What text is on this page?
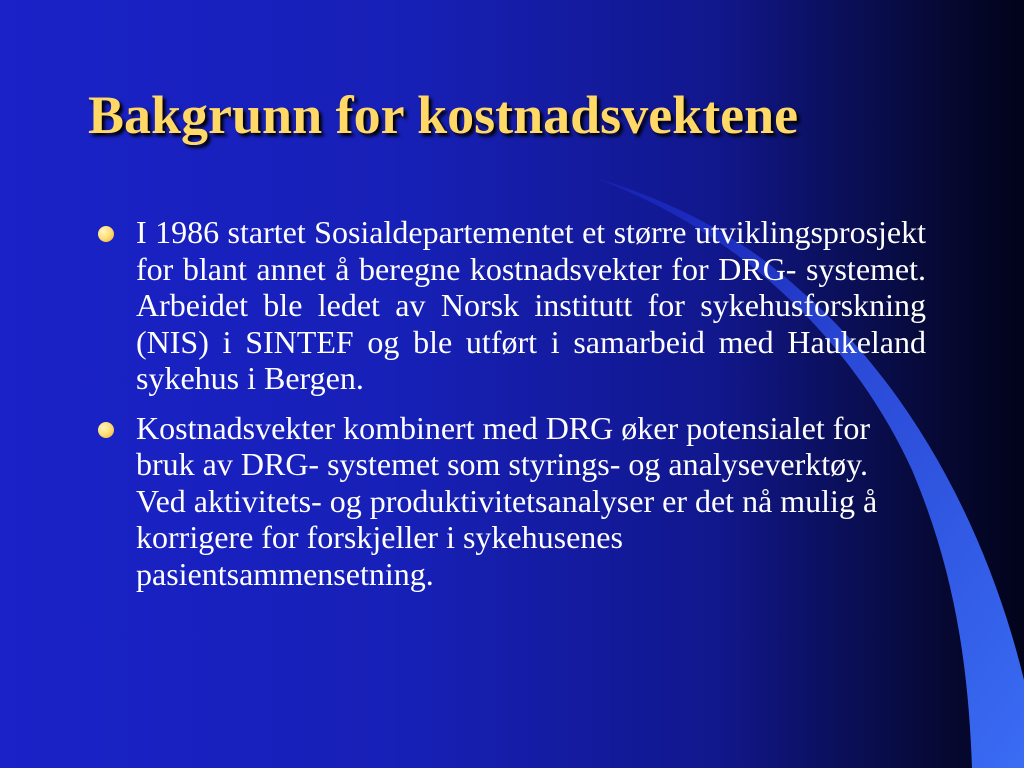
Bakgrunn for kostnadsvektene
I 1986 startet Sosialdepartementet et større utviklingsprosjekt for blant annet å beregne kostnadsvekter for DRG- systemet. Arbeidet ble ledet av Norsk institutt for sykehusforskning (NIS) i SINTEF og ble utført i samarbeid med Haukeland sykehus i Bergen.
Kostnadsvekter kombinert med DRG øker potensialet for bruk av DRG- systemet som styrings- og analyseverktøy. Ved aktivitets- og produktivitetsanalyser er det nå mulig å korrigere for forskjeller i sykehusenes pasientsammensetning.
